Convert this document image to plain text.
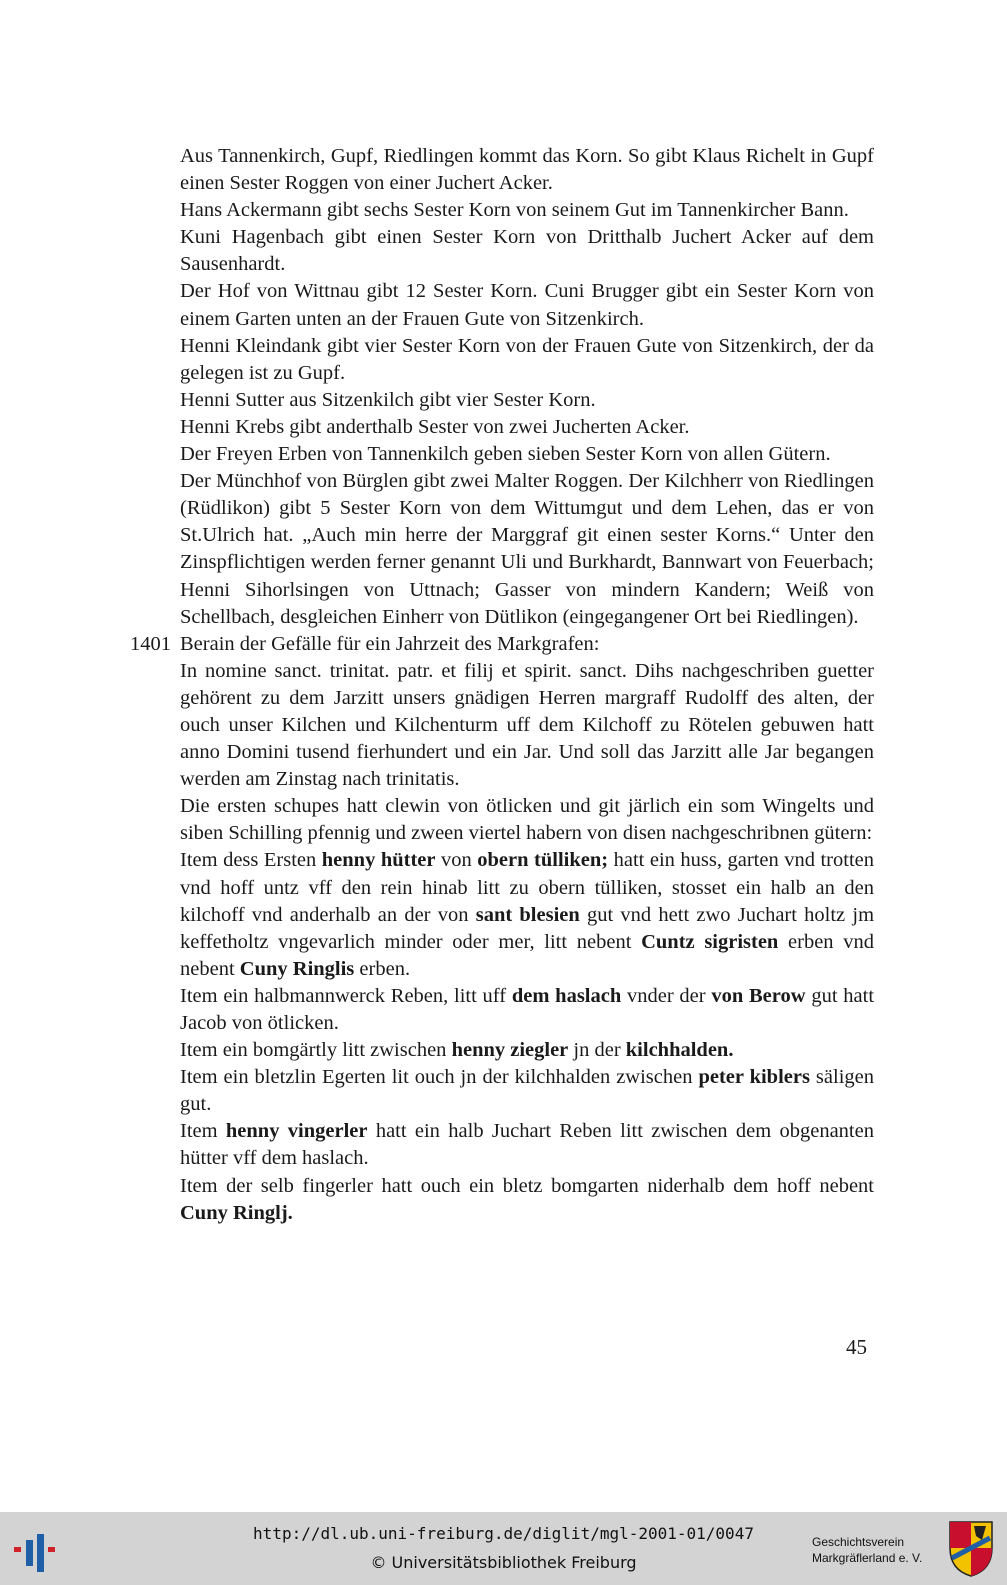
Aus Tannenkirch, Gupf, Riedlingen kommt das Korn. So gibt Klaus Richelt in Gupf einen Sester Roggen von einer Juchert Acker.

Hans Ackermann gibt sechs Sester Korn von seinem Gut im Tannenkircher Bann.

Kuni Hagenbach gibt einen Sester Korn von Dritthalb Juchert Acker auf dem Sausenhardt.

Der Hof von Wittnau gibt 12 Sester Korn. Cuni Brugger gibt ein Sester Korn von einem Garten unten an der Frauen Gute von Sitzenkirch.

Henni Kleindank gibt vier Sester Korn von der Frauen Gute von Sitzenkirch, der da gelegen ist zu Gupf.

Henni Sutter aus Sitzenkilch gibt vier Sester Korn.

Henni Krebs gibt anderthalb Sester von zwei Jucherten Acker.

Der Freyen Erben von Tannenkilch geben sieben Sester Korn von allen Gütern.

Der Münchhof von Bürglen gibt zwei Malter Roggen. Der Kilchherr von Riedlingen (Rüdlikon) gibt 5 Sester Korn von dem Wittumgut und dem Lehen, das er von St.Ulrich hat. „Auch min herre der Marggraf git einen sester Korns.“ Unter den Zinspflichtigen werden ferner genannt Uli und Burkhardt, Bannwart von Feuerbach; Henni Sihorlsingen von Uttnach; Gasser von mindern Kandern; Weiß von Schellbach, desgleichen Einherr von Dütlikon (eingegangener Ort bei Riedlingen).

1401 Berain der Gefälle für ein Jahrzeit des Markgrafen:

In nomine sanct. trinitat. patr. et filij et spirit. sanct. Dihs nachgeschriben guetter gehörent zu dem Jarzitt unsers gnädigen Herren margraff Rudolff des alten, der ouch unser Kilchen und Kilchenturm uff dem Kilchoff zu Rötelen gebuwen hatt anno Domini tusend fierhundert und ein Jar. Und soll das Jarzitt alle Jar begangen werden am Zinstag nach trinitatis.

Die ersten schupes hatt clewin von ötlicken und git järlich ein som Wingelts und siben Schilling pfennig und zween viertel habern von disen nachgeschribnen gütern:

Item dess Ersten henny hütter von obern tülliken; hatt ein huss, garten vnd trotten vnd hoff untz vff den rein hinab litt zu obern tülliken, stosset ein halb an den kilchoff vnd anderhalb an der von sant blesien gut vnd hett zwo Juchart holtz jm keffetholtz vngevarlich minder oder mer, litt nebent Cuntz sigristen erben vnd nebent Cuny Ringlis erben.

Item ein halbmannwerck Reben, litt uff dem haslach vnder der von Berow gut hatt Jacob von ötlicken.

Item ein bomgärtly litt zwischen henny ziegler jn der kilchhalden.

Item ein bletzlin Egerten lit ouch jn der kilchhalden zwischen peter kiblers säligen gut.

Item henny vingerler hatt ein halb Juchart Reben litt zwischen dem obgenanten hütter vff dem haslach.

Item der selb fingerler hatt ouch ein bletz bomgarten niderhalb dem hoff nebent Cuny Ringlj.

45
http://dl.ub.uni-freiburg.de/diglit/mgl-2001-01/0047
© Universitätsbibliothek Freiburg
Geschichtsverein
Markgräflerland e. V.
